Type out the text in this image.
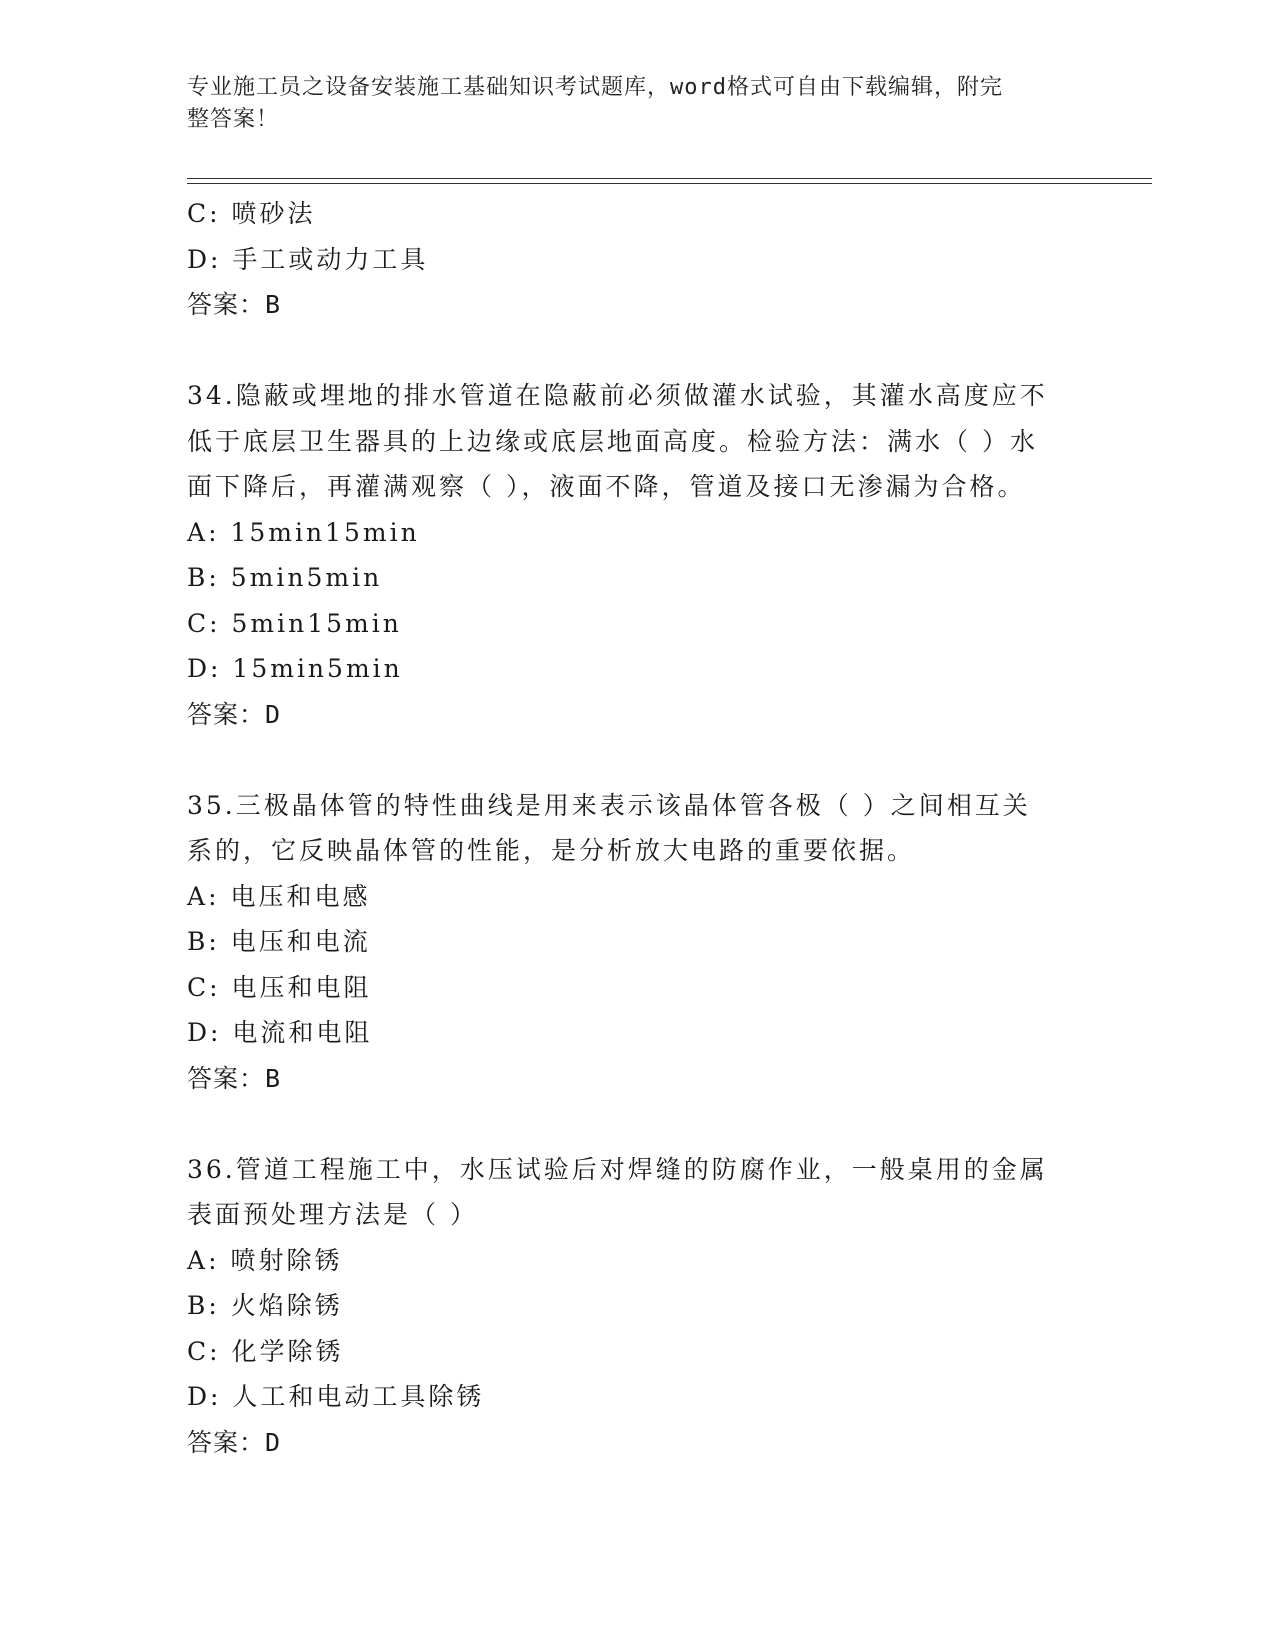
专业施工员之设备安装施工基础知识考试题库，word格式可自由下载编辑，附完
整答案！
C: 喷砂法
D: 手工或动力工具
答案：B
34.隐蔽或埋地的排水管道在隐蔽前必须做灌水试验，其灌水高度应不
低于底层卫生器具的上边缘或底层地面高度。检验方法：满水（ ）水
面下降后，再灌满观察（ ），液面不降，管道及接口无渗漏为合格。
A: 15min15min
B: 5min5min
C: 5min15min
D: 15min5min
答案：D
35.三极晶体管的特性曲线是用来表示该晶体管各极（ ）之间相互关
系的，它反映晶体管的性能，是分析放大电路的重要依据。
A: 电压和电感
B: 电压和电流
C: 电压和电阻
D: 电流和电阻
答案：B
36.管道工程施工中，水压试验后对焊缝的防腐作业，一般桌用的金属
表面预处理方法是（ ）
A: 喷射除锈
B: 火焰除锈
C: 化学除锈
D: 人工和电动工具除锈
答案：D
